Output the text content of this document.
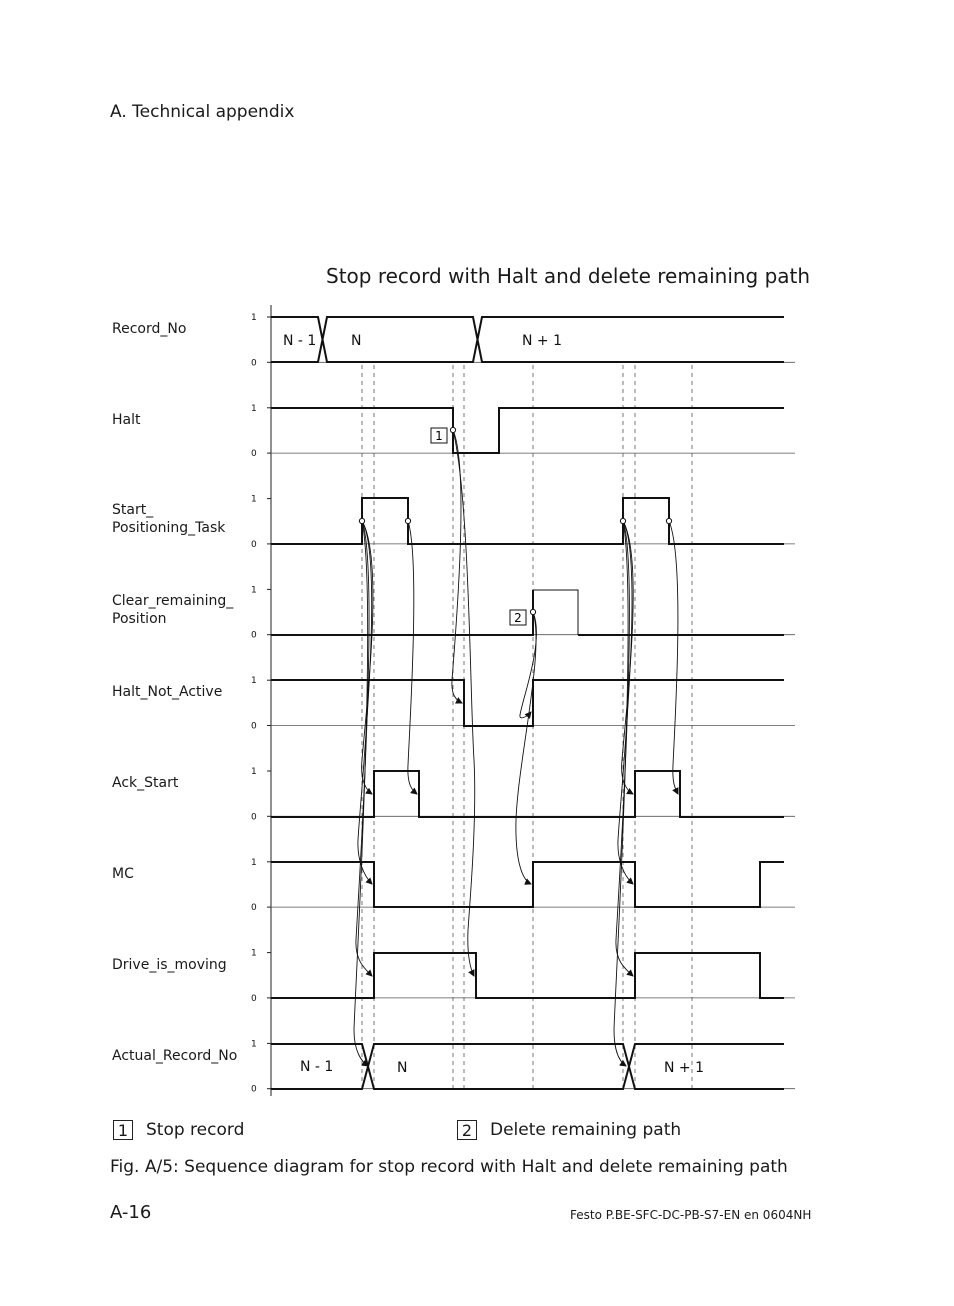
A. Technical appendix
Stop record with Halt and delete remaining path
Record_No
Halt
Start_
Positioning_Task
Clear_remaining_
Position
Halt_Not_Active
Ack_Start
MC
Drive_is_moving
Actual_Record_No
1
0
1
0
1
0
1
0
1
0
1
0
1
0
1
0
1
0
N - 1 N	N + 1
N - 1	N	N + 1
1
2
1 Stop record	2 Delete remaining path
Fig. A/5: Sequence diagram for stop record with Halt and delete remaining path
A-16	Festo P.BE-SFC-DC-PB-S7-EN en 0604NH
